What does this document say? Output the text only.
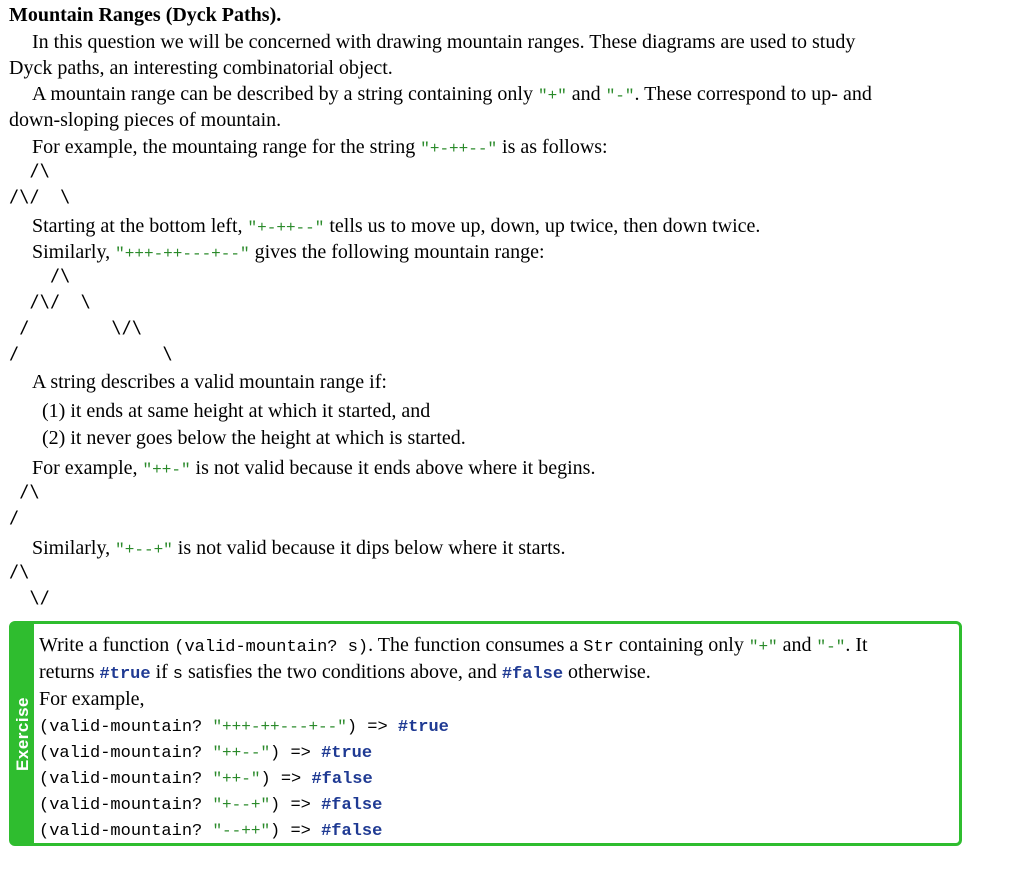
Mountain Ranges (Dyck Paths).
In this question we will be concerned with drawing mountain ranges. These diagrams are used to study
Dyck paths, an interesting combinatorial object.
A mountain range can be described by a string containing only "+" and "-". These correspond to up- and
down-sloping pieces of mountain.
For example, the mountaing range for the string "+-++--" is as follows:
/\
/\/  \
Starting at the bottom left, "+-++--" tells us to move up, down, up twice, then down twice.
Similarly, "+++-++---+--" gives the following mountain range:
/\
/\/  \
/        \/\
/              \
A string describes a valid mountain range if:
(1) it ends at same height at which it started, and
(2) it never goes below the height at which is started.
For example, "++-" is not valid because it ends above where it begins.
/\
/
Similarly, "+--+" is not valid because it dips below where it starts.
/\
\/
Exercise
Write a function (valid-mountain? s). The function consumes a Str containing only "+" and "-". It
returns #true if s satisfies the two conditions above, and #false otherwise.
For example,
(valid-mountain? "+++-++---+--") => #true
(valid-mountain? "++--") => #true
(valid-mountain? "++-") => #false
(valid-mountain? "+--+") => #false
(valid-mountain? "--++") => #false
